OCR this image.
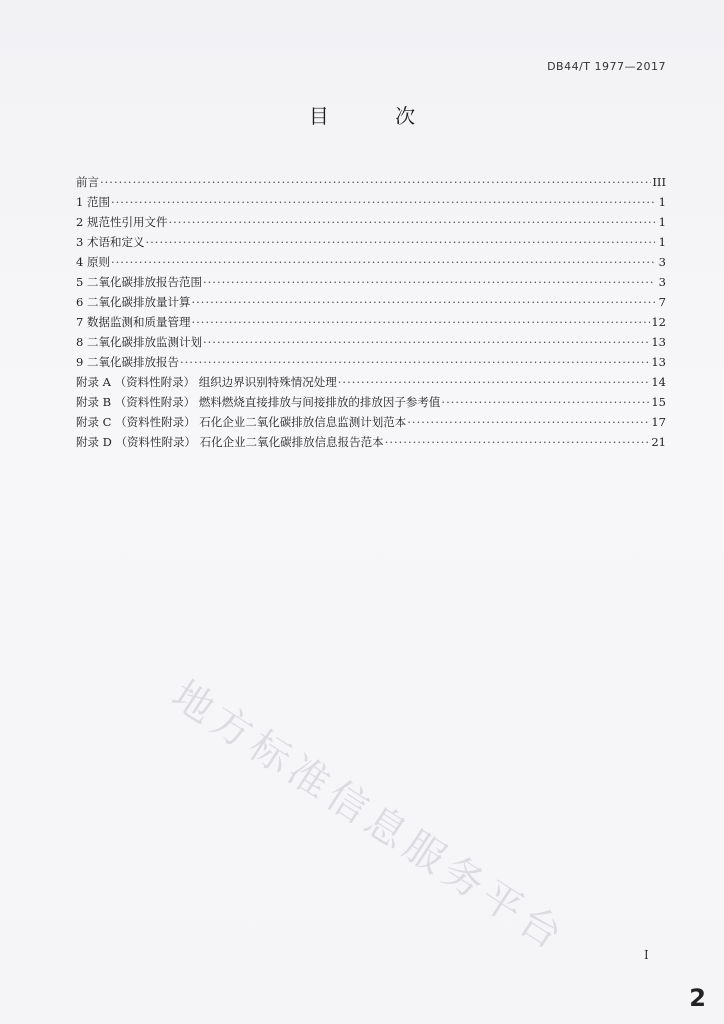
DB44/T 1977—2017
目 次
前言 ·····	III
1 范围 ·····	1
2 规范性引用文件 ·····	1
3 术语和定义 ·····	1
4 原则 ·····	3
5 二氧化碳排放报告范围 ·····	3
6 二氧化碳排放量计算 ·····	7
7 数据监测和质量管理 ·····	12
8 二氧化碳排放监测计划 ·····	13
9 二氧化碳排放报告 ·····	13
附录 A （资料性附录） 组织边界识别特殊情况处理 ·····	14
附录 B （资料性附录） 燃料燃烧直接排放与间接排放的排放因子参考值 ·····	15
附录 C （资料性附录） 石化企业二氧化碳排放信息监测计划范本 ·····	17
附录 D （资料性附录） 石化企业二氧化碳排放信息报告范本 ·····	21
地方标准信息服务平台	I
2
